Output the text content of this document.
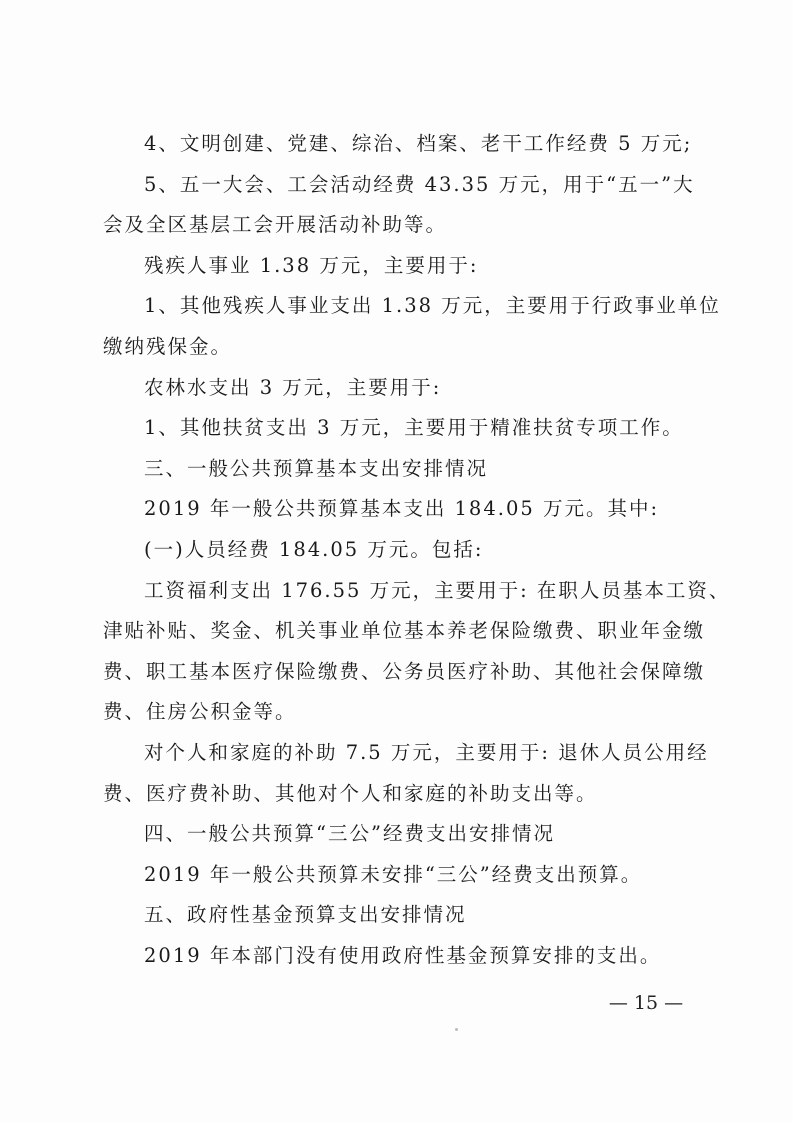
4、文明创建、党建、综治、档案、老干工作经费 5 万元;
5、五一大会、工会活动经费 43.35 万元，用于“五一”大
会及全区基层工会开展活动补助等。
残疾人事业 1.38 万元，主要用于:
1、其他残疾人事业支出 1.38 万元，主要用于行政事业单位
缴纳残保金。
农林水支出 3 万元，主要用于:
1、其他扶贫支出 3 万元，主要用于精准扶贫专项工作。
三、一般公共预算基本支出安排情况
2019 年一般公共预算基本支出 184.05 万元。其中:
(一)人员经费 184.05 万元。包括:
工资福利支出 176.55 万元，主要用于: 在职人员基本工资、
津贴补贴、奖金、机关事业单位基本养老保险缴费、职业年金缴
费、职工基本医疗保险缴费、公务员医疗补助、其他社会保障缴
费、住房公积金等。
对个人和家庭的补助 7.5 万元，主要用于: 退休人员公用经
费、医疗费补助、其他对个人和家庭的补助支出等。
四、一般公共预算“三公”经费支出安排情况
2019 年一般公共预算未安排“三公”经费支出预算。
五、政府性基金预算支出安排情况
2019 年本部门没有使用政府性基金预算安排的支出。
— 15 —
